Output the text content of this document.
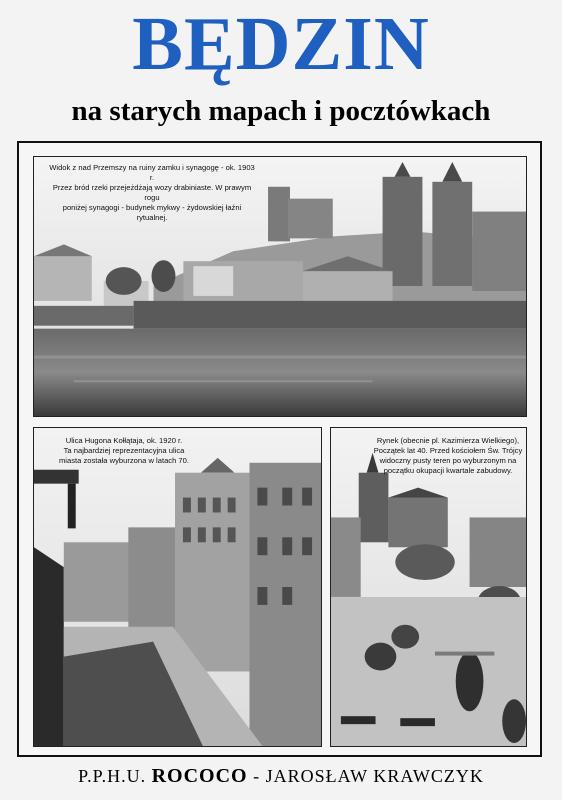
BĘDZIN
na starych mapach i pocztówkach
Widok z nad Przemszy na ruiny zamku i synagogę - ok. 1903 r.
Przez bród rzeki przejeżdżają wozy drabiniaste. W prawym rogu
poniżej synagogi - budynek mykwy - żydowskiej łaźni rytualnej.
Ulica Hugona Kołłątaja, ok. 1920 r.
Ta najbardziej reprezentacyjna ulica
miasta została wyburzona w latach 70.
Rynek (obecnie pl. Kazimierza Wielkiego),
Początek lat 40. Przed kościołem Św. Trójcy
widoczny pusty teren po wyburzonym na
początku okupacji kwartale zabudowy.
P.P.H.U. ROCOCO - JAROSŁAW KRAWCZYK
